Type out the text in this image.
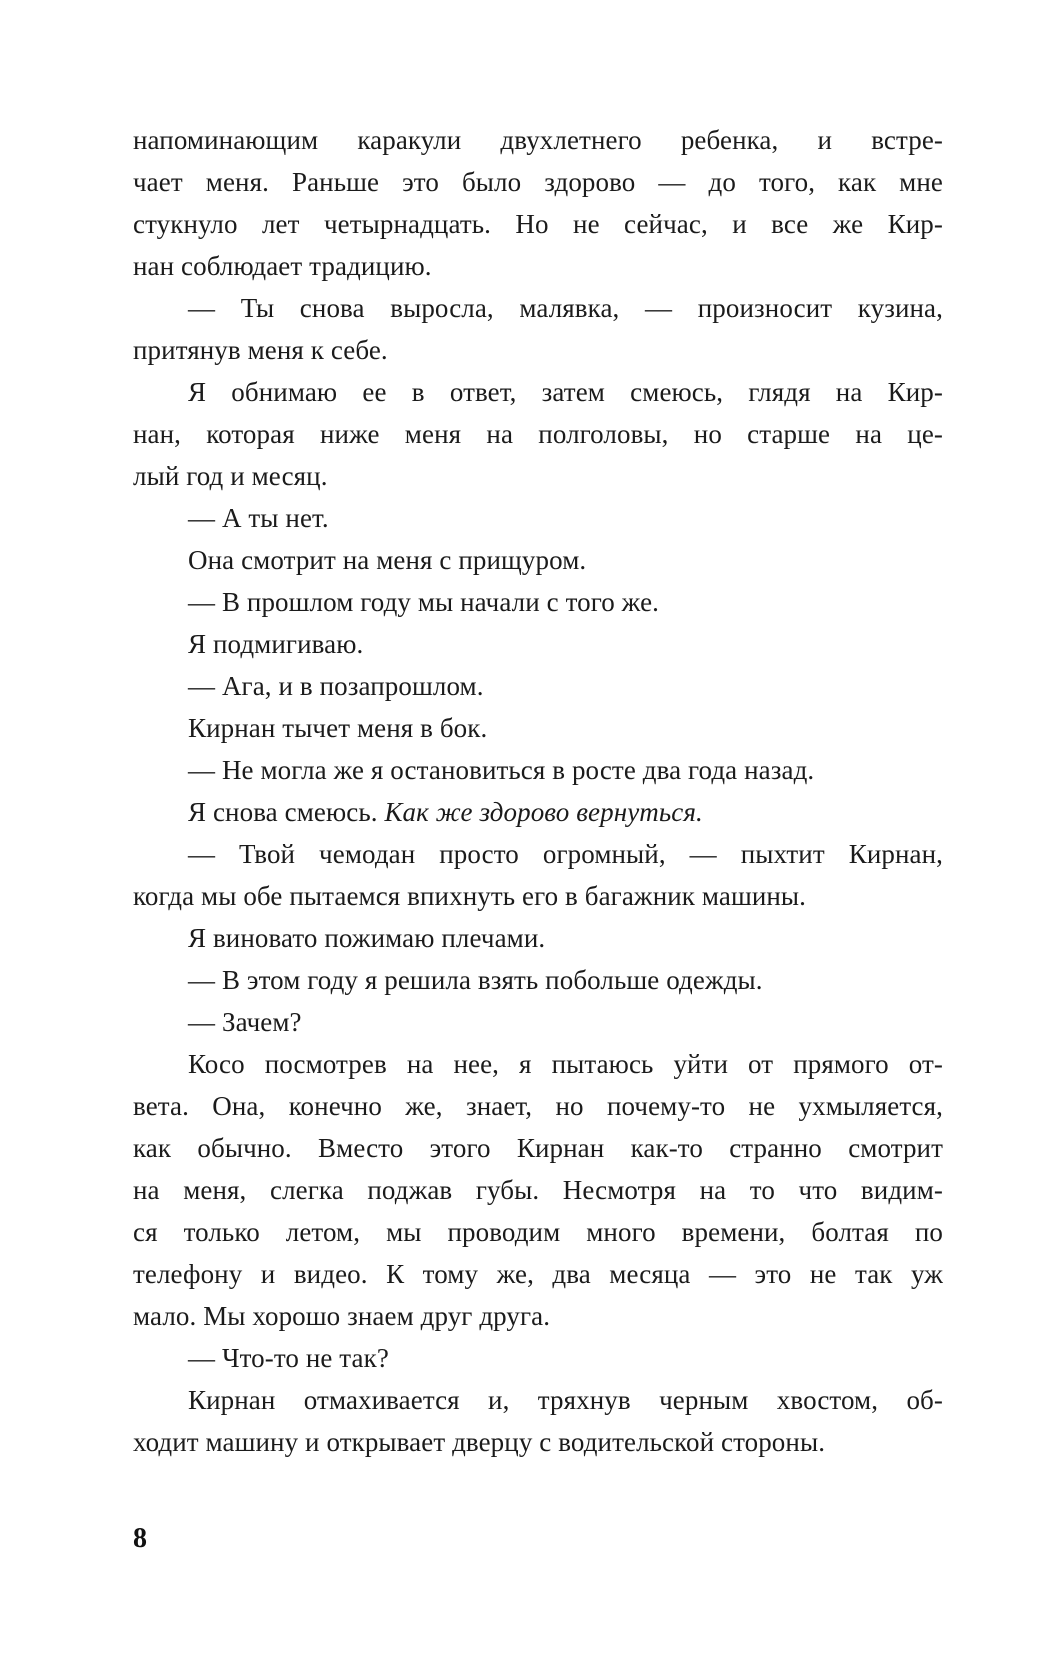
напоминающим каракули двухлетнего ребенка, и встре-
чает меня. Раньше это было здорово — до того, как мне
стукнуло лет четырнадцать. Но не сейчас, и все же Кир-
нан соблюдает традицию.
— Ты снова выросла, малявка, — произносит кузина,
притянув меня к себе.
Я обнимаю ее в ответ, затем смеюсь, глядя на Кир-
нан, которая ниже меня на полголовы, но старше на це-
лый год и месяц.
— А ты нет.
Она смотрит на меня с прищуром.
— В прошлом году мы начали с того же.
Я подмигиваю.
— Ага, и в позапрошлом.
Кирнан тычет меня в бок.
— Не могла же я остановиться в росте два года назад.
Я снова смеюсь. Как же здорово вернуться.
— Твой чемодан просто огромный, — пыхтит Кирнан,
когда мы обе пытаемся впихнуть его в багажник машины.
Я виновато пожимаю плечами.
— В этом году я решила взять побольше одежды.
— Зачем?
Косо посмотрев на нее, я пытаюсь уйти от прямого от-
вета. Она, конечно же, знает, но почему-то не ухмыляется,
как обычно. Вместо этого Кирнан как-то странно смотрит
на меня, слегка поджав губы. Несмотря на то что видим-
ся только летом, мы проводим много времени, болтая по
телефону и видео. К тому же, два месяца — это не так уж
мало. Мы хорошо знаем друг друга.
— Что-то не так?
Кирнан отмахивается и, тряхнув черным хвостом, об-
ходит машину и открывает дверцу с водительской стороны.
8
